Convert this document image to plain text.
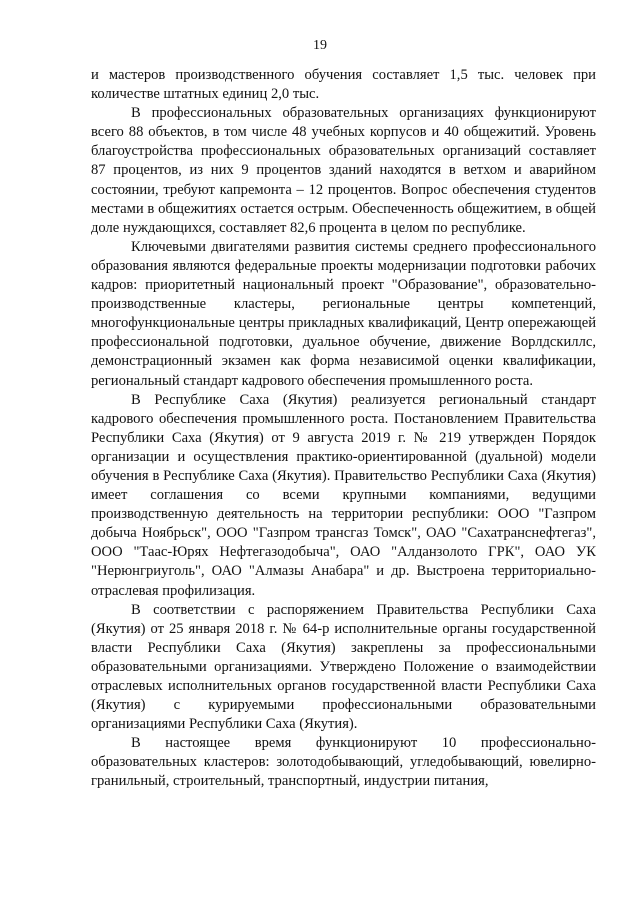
19

и мастеров производственного обучения составляет 1,5 тыс. человек при количестве штатных единиц 2,0 тыс.

В профессиональных образовательных организациях функционируют всего 88 объектов, в том числе 48 учебных корпусов и 40 общежитий. Уровень благоустройства профессиональных образовательных организаций составляет 87 процентов, из них 9 процентов зданий находятся в ветхом и аварийном состоянии, требуют капремонта – 12 процентов. Вопрос обеспечения студентов местами в общежитиях остается острым. Обеспеченность общежитием, в общей доле нуждающихся, составляет 82,6 процента в целом по республике.

Ключевыми двигателями развития системы среднего профессионального образования являются федеральные проекты модернизации подготовки рабочих кадров: приоритетный национальный проект "Образование", образовательно-производственные кластеры, региональные центры компетенций, многофункциональные центры прикладных квалификаций, Центр опережающей профессиональной подготовки, дуальное обучение, движение Ворлдскиллс, демонстрационный экзамен как форма независимой оценки квалификации, региональный стандарт кадрового обеспечения промышленного роста.

В Республике Саха (Якутия) реализуется региональный стандарт кадрового обеспечения промышленного роста. Постановлением Правительства Республики Саха (Якутия) от 9 августа 2019 г. № 219 утвержден Порядок организации и осуществления практико-ориентированной (дуальной) модели обучения в Республике Саха (Якутия). Правительство Республики Саха (Якутия) имеет соглашения со всеми крупными компаниями, ведущими производственную деятельность на территории республики: ООО "Газпром добыча Ноябрьск", ООО "Газпром трансгаз Томск", ОАО "Сахатранснефтегаз", ООО "Таас-Юрях Нефтегазодобыча", ОАО "Алданзолото ГРК", ОАО УК "Нерюнгриуголь", ОАО "Алмазы Анабара" и др. Выстроена территориально-отраслевая профилизация.

В соответствии с распоряжением Правительства Республики Саха (Якутия) от 25 января 2018 г. № 64-р исполнительные органы государственной власти Республики Саха (Якутия) закреплены за профессиональными образовательными организациями. Утверждено Положение о взаимодействии отраслевых исполнительных органов государственной власти Республики Саха (Якутия) с курируемыми профессиональными образовательными организациями Республики Саха (Якутия).

В настоящее время функционируют 10 профессионально-образовательных кластеров: золотодобывающий, угледобывающий, ювелирно-гранильный, строительный, транспортный, индустрии питания,
